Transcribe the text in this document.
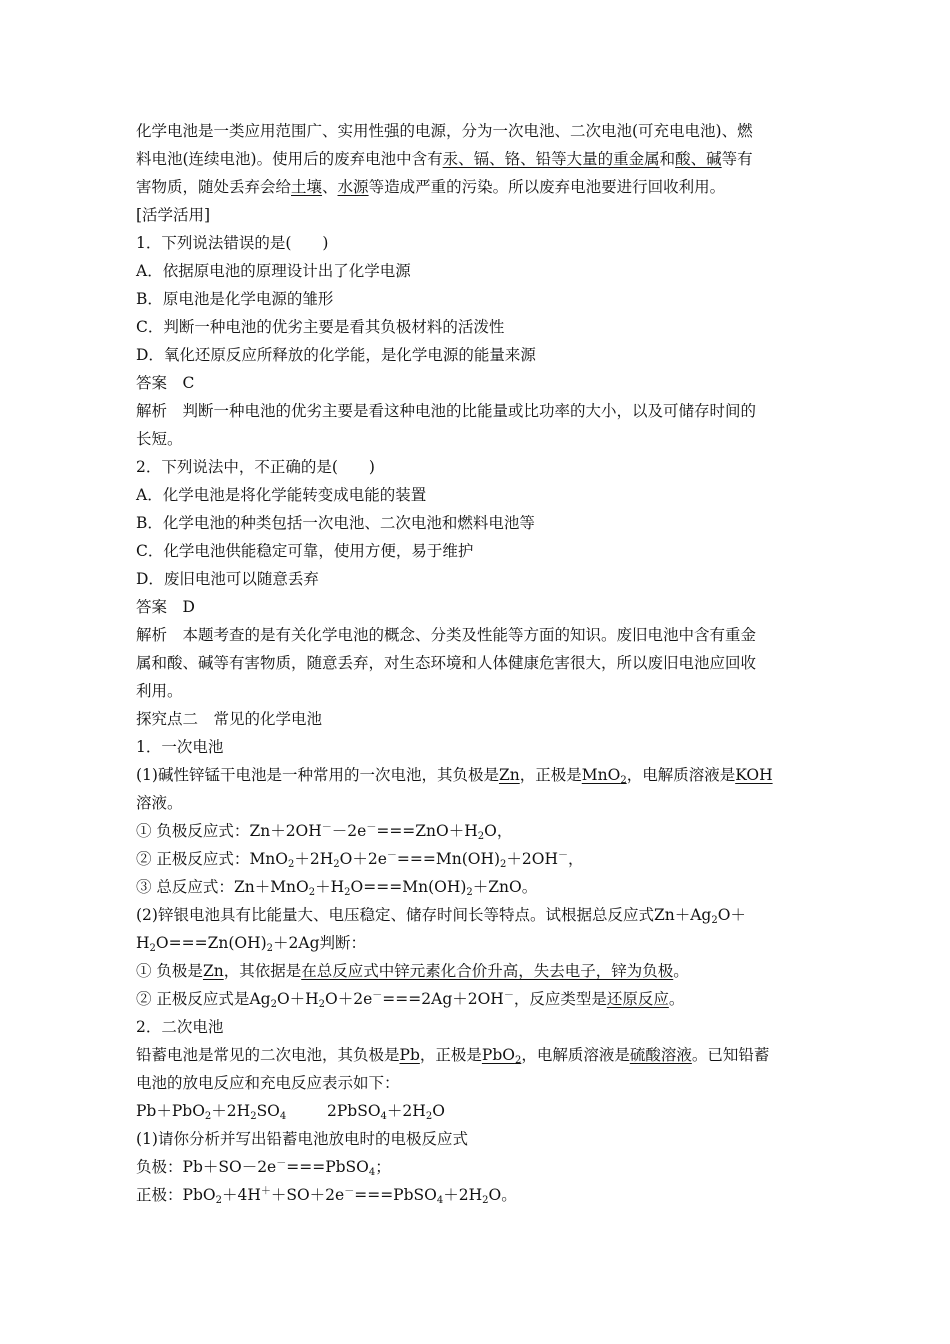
化学电池是一类应用范围广、实用性强的电源，分为一次电池、二次电池(可充电电池)、燃
料电池(连续电池)。使用后的废弃电池中含有汞、镉、铬、铅等大量的重金属和酸、碱等有
害物质，随处丢弃会给土壤、水源等造成严重的污染。所以废弃电池要进行回收利用。
[活学活用]
1．下列说法错误的是(　　)
A．依据原电池的原理设计出了化学电源
B．原电池是化学电源的雏形
C．判断一种电池的优劣主要是看其负极材料的活泼性
D．氧化还原反应所释放的化学能，是化学电源的能量来源
答案　C
解析　判断一种电池的优劣主要是看这种电池的比能量或比功率的大小，以及可储存时间的
长短。
2．下列说法中，不正确的是(　　)
A．化学电池是将化学能转变成电能的装置
B．化学电池的种类包括一次电池、二次电池和燃料电池等
C．化学电池供能稳定可靠，使用方便，易于维护
D．废旧电池可以随意丢弃
答案　D
解析　本题考查的是有关化学电池的概念、分类及性能等方面的知识。废旧电池中含有重金
属和酸、碱等有害物质，随意丢弃，对生态环境和人体健康危害很大，所以废旧电池应回收
利用。
探究点二　常见的化学电池
1．一次电池
(1)碱性锌锰干电池是一种常用的一次电池，其负极是Zn，正极是MnO$_2$，电解质溶液是KOH
溶液。
① 负极反应式：$Zn+2OH^--2e^-===ZnO+H_2O$，
② 正极反应式：$MnO_2+2H_2O+2e^-===Mn(OH)_2+2OH^-$，
③ 总反应式：$Zn+MnO_2+H_2O===Mn(OH)_2+ZnO$。
(2)锌银电池具有比能量大、电压稳定、储存时间长等特点。试根据总反应式$Zn+Ag_2O+$
$H_2O===Zn(OH)_2+2Ag$判断：
① 负极是Zn，其依据是在总反应式中锌元素化合价升高，失去电子，锌为负极。
② 正极反应式是$Ag_2O+H_2O+2e^-===2Ag+2OH^-$，反应类型是还原反应。
2．二次电池
铅蓄电池是常见的二次电池，其负极是Pb，正极是PbO$_2$，电解质溶液是硫酸溶液。已知铅蓄
电池的放电反应和充电反应表示如下：
$Pb+PbO_2+2H_2SO_4$	$2PbSO_4+2H_2O$
(1)请你分析并写出铅蓄电池放电时的电极反应式
负极：Pb＋SO－2e－===PbSO$_4$；
正极：$PbO_2+4H^++SO+2e^-===PbSO_4+2H_2O$。
